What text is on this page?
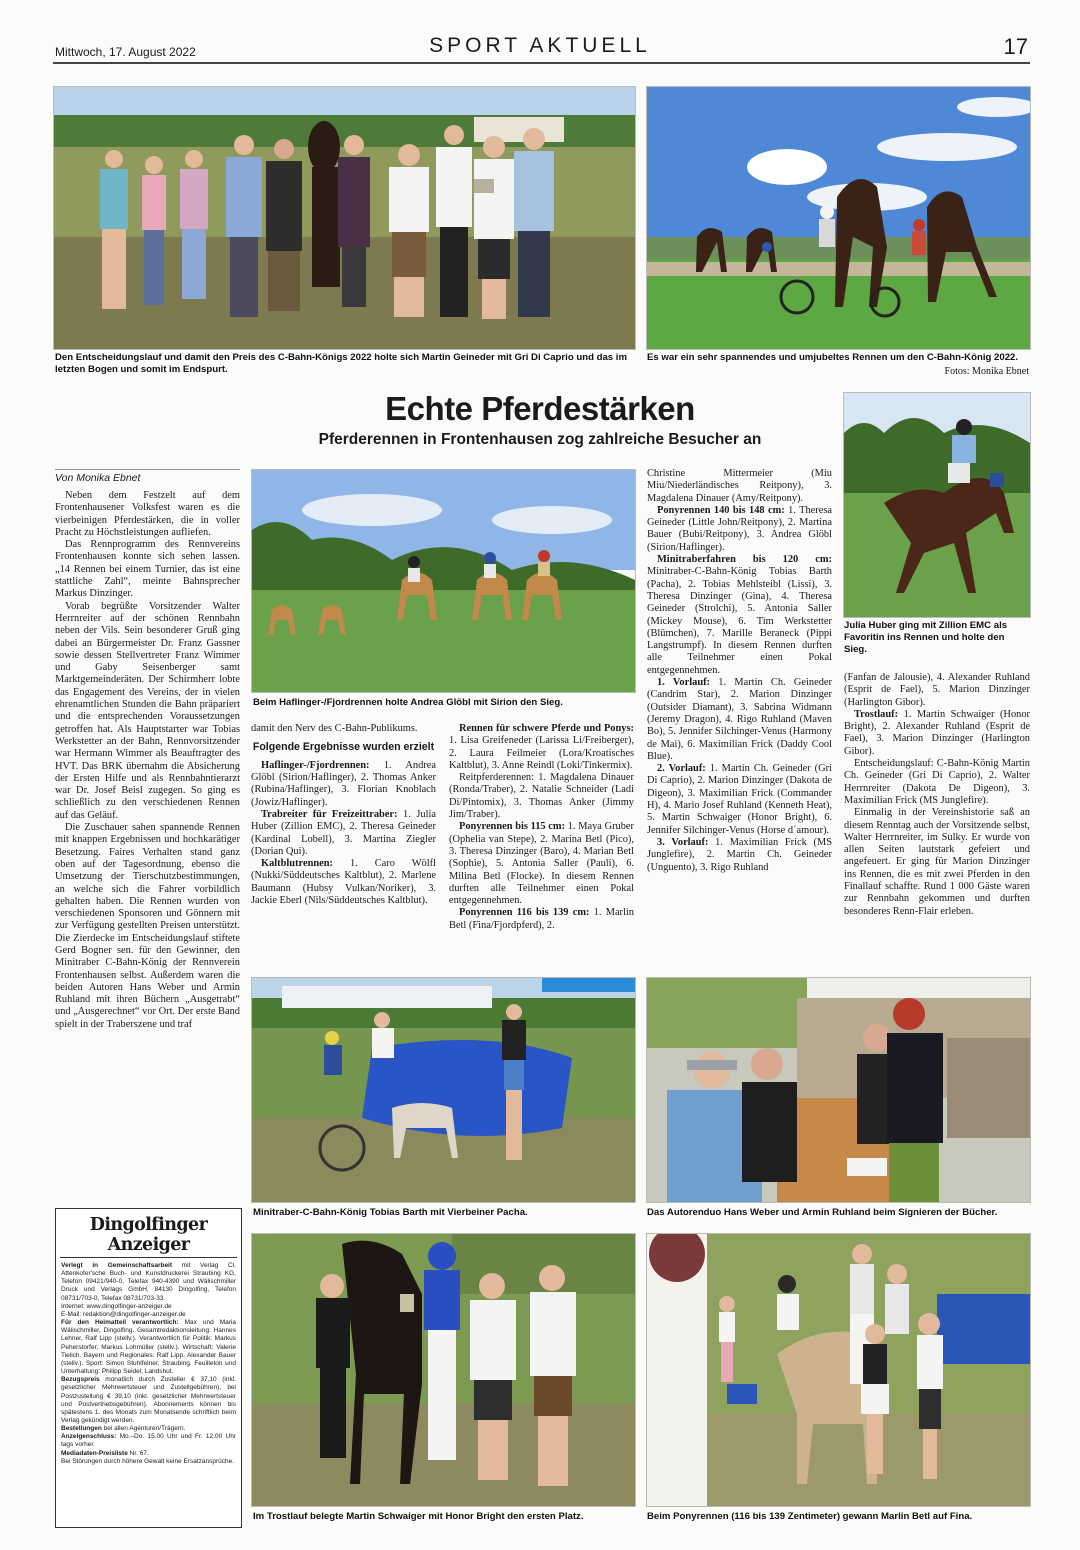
Mittwoch, 17. August 2022	SPORT AKTUELL	17
Den Entscheidungslauf und damit den Preis des C-Bahn-Königs 2022 holte sich Martin Geineder mit Gri Di Caprio und das im letzten Bogen und somit im Endspurt.
Es war ein sehr spannendes und umjubeltes Rennen um den C-Bahn-König 2022.
Fotos: Monika Ebnet
Echte Pferdestärken
Pferderennen in Frontenhausen zog zahlreiche Besucher an
Von Monika Ebnet
Beim Haflinger-/Fjordrennen holte Andrea Glöbl mit Sirion den Sieg.
Julia Huber ging mit Zillion EMC als Favoritin ins Rennen und holte den Sieg.

Neben dem Festzelt auf dem Frontenhausener Volksfest waren es die vierbeinigen Pferdestärken, die in voller Pracht zu Höchstleistungen aufliefen.

Das Rennprogramm des Rennvereins Frontenhausen konnte sich sehen lassen. „14 Rennen bei einem Turnier, das ist eine stattliche Zahl“, meinte Bahnsprecher Markus Dinzinger.

Vorab begrüßte Vorsitzender Walter Herrnreiter auf der schönen Rennbahn neben der Vils. Sein besonderer Gruß ging dabei an Bürgermeister Dr. Franz Gassner sowie dessen Stellvertreter Franz Wimmer und Gaby Seisenberger samt Marktgemeinderäten. Der Schirmherr lobte das Engagement des Vereins, der in vielen ehrenamtlichen Stunden die Bahn präpariert und die entsprechenden Voraussetzungen getroffen hat. Als Hauptstarter war Tobias Werkstetter an der Bahn, Rennvorsitzender war Hermann Wimmer als Beauftragter des HVT. Das BRK übernahm die Absicherung der Ersten Hilfe und als Rennbahntierarzt war Dr. Josef Beisl zugegen. So ging es schließlich zu den verschiedenen Rennen auf das Geläuf.

Die Zuschauer sahen spannende Rennen mit knappen Ergebnissen und hochkarätiger Besetzung. Faires Verhalten stand ganz oben auf der Tagesordnung, ebenso die Umsetzung der Tierschutzbestimmungen, an welche sich die Fahrer vorbildlich gehalten haben. Die Rennen wurden von verschiedenen Sponsoren und Gönnern mit zur Verfügung gestellten Preisen unterstützt. Die Zierdecke im Entscheidungslauf stiftete Gerd Bogner sen. für den Gewinner, den Minitraber C-Bahn-König der Rennverein Frontenhausen selbst. Außerdem waren die beiden Autoren Hans Weber und Armin Ruhland mit ihren Büchern „Ausgetrabt“ und „Ausgerechnet“ vor Ort. Der erste Band spielt in der Traberszene und traf

damit den Nerv des C-Bahn-Publikums.

Folgende Ergebnisse wurden erzielt

Haflinger-/Fjordrennen: 1. Andrea Glöbl (Sirion/Haflinger), 2. Thomas Anker (Rubina/Haflinger), 3. Florian Knoblach (Jowiz/Haflinger).

Trabreiter für Freizeittraber: 1. Julia Huber (Zillion EMC), 2. Theresa Geineder (Kardinal Lobell), 3. Martina Ziegler (Dorian Qui).

Kaltblutrennen: 1. Caro Wölfl (Nukki/Süddeutsches Kaltblut), 2. Marlene Baumann (Hubsy Vulkan/Noriker), 3. Jackie Eberl (Nils/Süddeutsches Kaltblut).

Rennen für schwere Pferde und Ponys: 1. Lisa Greifeneder (Larissa Li/Freiberger), 2. Laura Feilmeier (Lora/Kroatisches Kaltblut), 3. Anne Reindl (Loki/Tinkermix).

Reitpferderennen: 1. Magdalena Dinauer (Ronda/Traber), 2. Natalie Schneider (Ladi Di/Pintomix), 3. Thomas Anker (Jimmy Jim/Traber).

Ponyrennen bis 115 cm: 1. Maya Gruber (Ophelia van Stepe), 2. Marina Betl (Pico), 3. Theresa Dinzinger (Baro), 4. Marian Betl (Sophie), 5. Antonia Saller (Pauli), 6. Milina Betl (Flocke). In diesem Rennen durften alle Teilnehmer einen Pokal entgegennehmen.

Ponyrennen 116 bis 139 cm: 1. Marlin Betl (Fina/Fjordpferd), 2.

Christine Mittermeier (Miu Miu/Niederländisches Reitpony), 3. Magdalena Dinauer (Amy/Reitpony).

Ponyrennen 140 bis 148 cm: 1. Theresa Geineder (Little John/Reitpony), 2. Martina Bauer (Bubi/Reitpony), 3. Andrea Glöbl (Sirion/Haflinger).

Minitraberfahren bis 120 cm: Minitraber-C-Bahn-König Tobias Barth (Pacha), 2. Tobias Mehlsteibl (Lissi), 3. Theresa Dinzinger (Gina), 4. Theresa Geineder (Strolchi), 5. Antonia Saller (Mickey Mouse), 6. Tim Werkstetter (Blümchen), 7. Marille Beraneck (Pippi Langstrumpf). In diesem Rennen durften alle Teilnehmer einen Pokal entgegennehmen.

1. Vorlauf: 1. Martin Ch. Geineder (Candrim Star), 2. Marion Dinzinger (Outsider Diamant), 3. Sabrina Widmann (Jeremy Dragon), 4. Rigo Ruhland (Maven Bo), 5. Jennifer Silchinger-Venus (Harmony de Mai), 6. Maximilian Frick (Daddy Cool Blue).

2. Vorlauf: 1. Martin Ch. Geineder (Gri Di Caprio), 2. Marion Dinzinger (Dakota de Digeon), 3. Maximilian Frick (Commander H), 4. Mario Josef Ruhland (Kenneth Heat), 5. Martin Schwaiger (Honor Bright), 6. Jennifer Silchinger-Venus (Horse d´amour).

3. Vorlauf: 1. Maximilian Frick (MS Junglefire), 2. Martin Ch. Geineder (Unguento), 3. Rigo Ruhland

(Fanfan de Jalousie), 4. Alexander Ruhland (Esprit de Fael), 5. Marion Dinzinger (Harlington Gibor).

Trostlauf: 1. Martin Schwaiger (Honor Bright), 2. Alexander Ruhland (Esprit de Fael), 3. Marion Dinzinger (Harlington Gibor).

Entscheidungslauf: C-Bahn-König Martin Ch. Geineder (Gri Di Caprio), 2. Walter Herrnreiter (Dakota De Digeon), 3. Maximilian Frick (MS Junglefire).

Einmalig in der Vereinshistorie saß an diesem Renntag auch der Vorsitzende selbst, Walter Herrnreiter, im Sulky. Er wurde von allen Seiten lautstark gefeiert und angefeuert. Er ging für Marion Dinzinger ins Rennen, die es mit zwei Pferden in den Finallauf schaffte. Rund 1 000 Gäste waren zur Rennbahn gekommen und durften besonderes Renn-Flair erleben.

Minitraber-C-Bahn-König Tobias Barth mit Vierbeiner Pacha.	Das Autorenduo Hans Weber und Armin Ruhland beim Signieren der Bücher.
Dingolfinger Anzeiger

Verlegt in Gemeinschaftsarbeit mit Verlag Cl. Attenkofer'sche Buch- und Kunstdruckerei Straubing KG, Telefon 09421/940-0, Telefax 940-4390 und Wälischmiller Druck und Verlags GmbH, 84130 Dingolfing, Telefon 08731/703-0, Telefax 08731/703-33.

Internet: www.dingolfinger-anzeiger.de

E-Mail: redaktion@dingolfinger-anzeiger.de

Für den Heimatteil verantwortlich: Max und Maria Wälischmiller, Dingolfing. Gesamtredaktionsleitung: Hannes Lehner, Ralf Lipp (stellv.). Verantwortlich für Politik: Markus Peherstorfer, Markus Lohmüller (stellv.). Wirtschaft: Valerie Tielich. Bayern und Regionales: Ralf Lipp, Alexander Bauer (stellv.). Sport: Simon Stuhlfelner, Straubing. Feuilleton und Unterhaltung: Philipp Seidel, Landshut.

Bezugspreis monatlich durch Zusteller € 37,10 (inkl. gesetzlicher Mehrwertsteuer und Zustellgebühren), bei Postzustellung € 39,10 (inkl. gesetzlicher Mehrwertsteuer und Postvertriebsgebühren). Abonnements können bis spätestens 1. des Monats zum Monatsende schriftlich beim Verlag gekündigt werden.

Bestellungen bei allen Agenturen/Trägern.

Anzeigenschluss: Mo.–Do. 15.00 Uhr und Fr. 12.00 Uhr tags vorher.

Mediadaten-Preisliste Nr. 67.

Bei Störungen durch höhere Gewalt keine Ersatzansprüche.

Im Trostlauf belegte Martin Schwaiger mit Honor Bright den ersten Platz.	Beim Ponyrennen (116 bis 139 Zentimeter) gewann Marlin Betl auf Fina.
